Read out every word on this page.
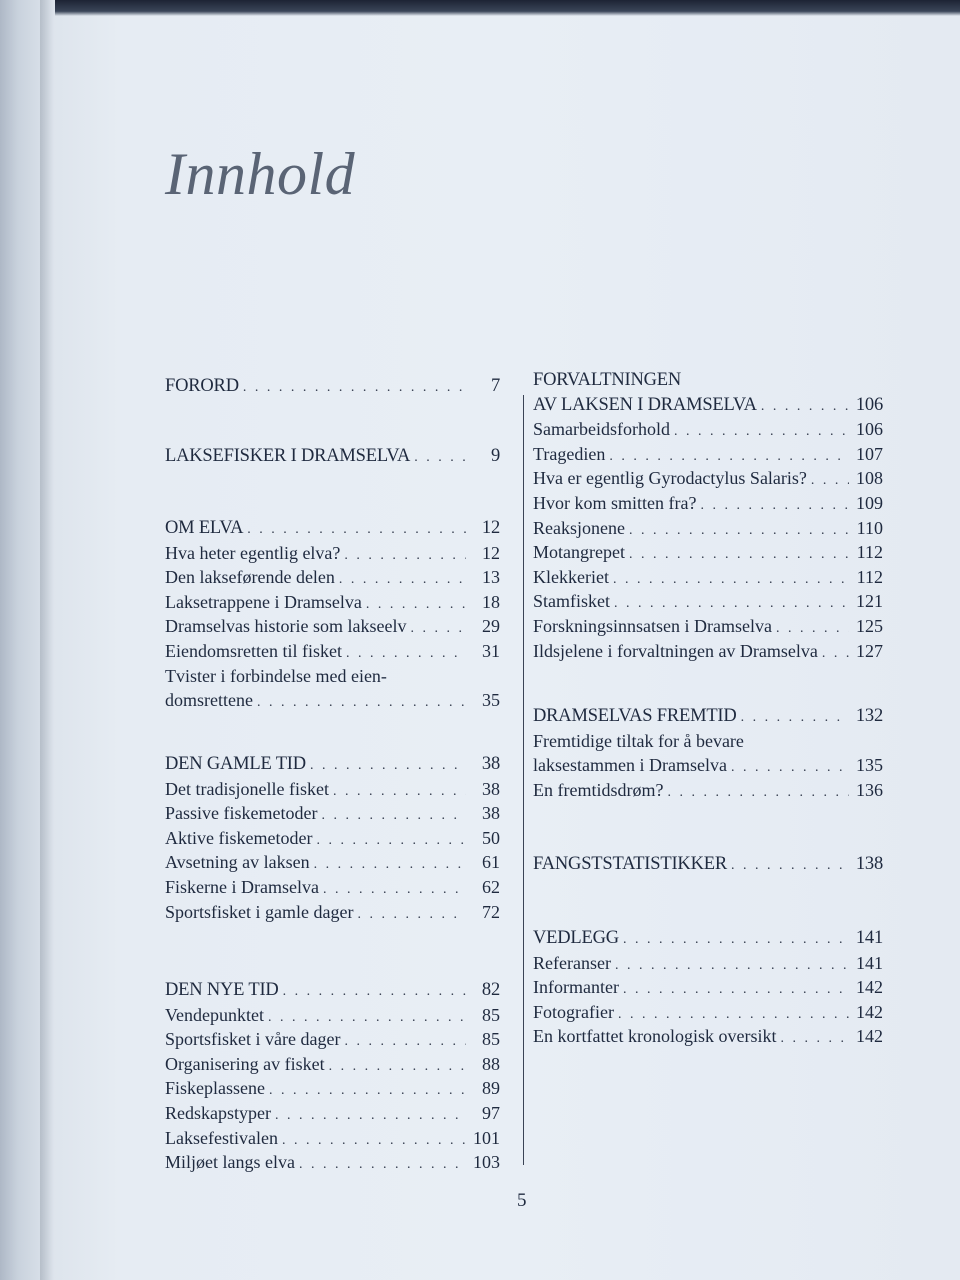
Innhold
FORORD . . .	7
LAKSEFISKER I DRAMSELVA . . .	9
OM ELVA . . .	12
Hva heter egentlig elva? . . .	12
Den lakseførende delen . . .	13
Laksetrappene i Dramselva . . .	18
Dramselvas historie som lakseelv . . .	29
Eiendomsretten til fisket . . .	31
Tvister i forbindelse med eien-
domsrettene . . .	35
DEN GAMLE TID . . .	38
Det tradisjonelle fisket . . .	38
Passive fiskemetoder . . .	38
Aktive fiskemetoder . . .	50
Avsetning av laksen . . .	61
Fiskerne i Dramselva . . .	62
Sportsfisket i gamle dager . . .	72
DEN NYE TID . . .	82
Vendepunktet . . .	85
Sportsfisket i våre dager . . .	85
Organisering av fisket . . .	88
Fiskeplassene . . .	89
Redskapstyper . . .	97
Laksefestivalen . . .	101
Miljøet langs elva . . .	103
FORVALTNINGEN
AV LAKSEN I DRAMSELVA . . .	106
Samarbeidsforhold . . .	106
Tragedien . . .	107
Hva er egentlig Gyrodactylus Salaris? . . .	108
Hvor kom smitten fra? . . .	109
Reaksjonene . . .	110
Motangrepet . . .	112
Klekkeriet . . .	112
Stamfisket . . .	121
Forskningsinnsatsen i Dramselva . . .	125
Ildsjelene i forvaltningen av Dramselva . . . 127
DRAMSELVAS FREMTID . . .	132
Fremtidige tiltak for å bevare
laksestammen i Dramselva . . .	135
En fremtidsdrøm? . . .	136
FANGSTSTATISTIKKER . . .	138
VEDLEGG . . .	141
Referanser . . .	141
Informanter . . .	142
Fotografier . . .	142
En kortfattet kronologisk oversikt . . .	142
5
